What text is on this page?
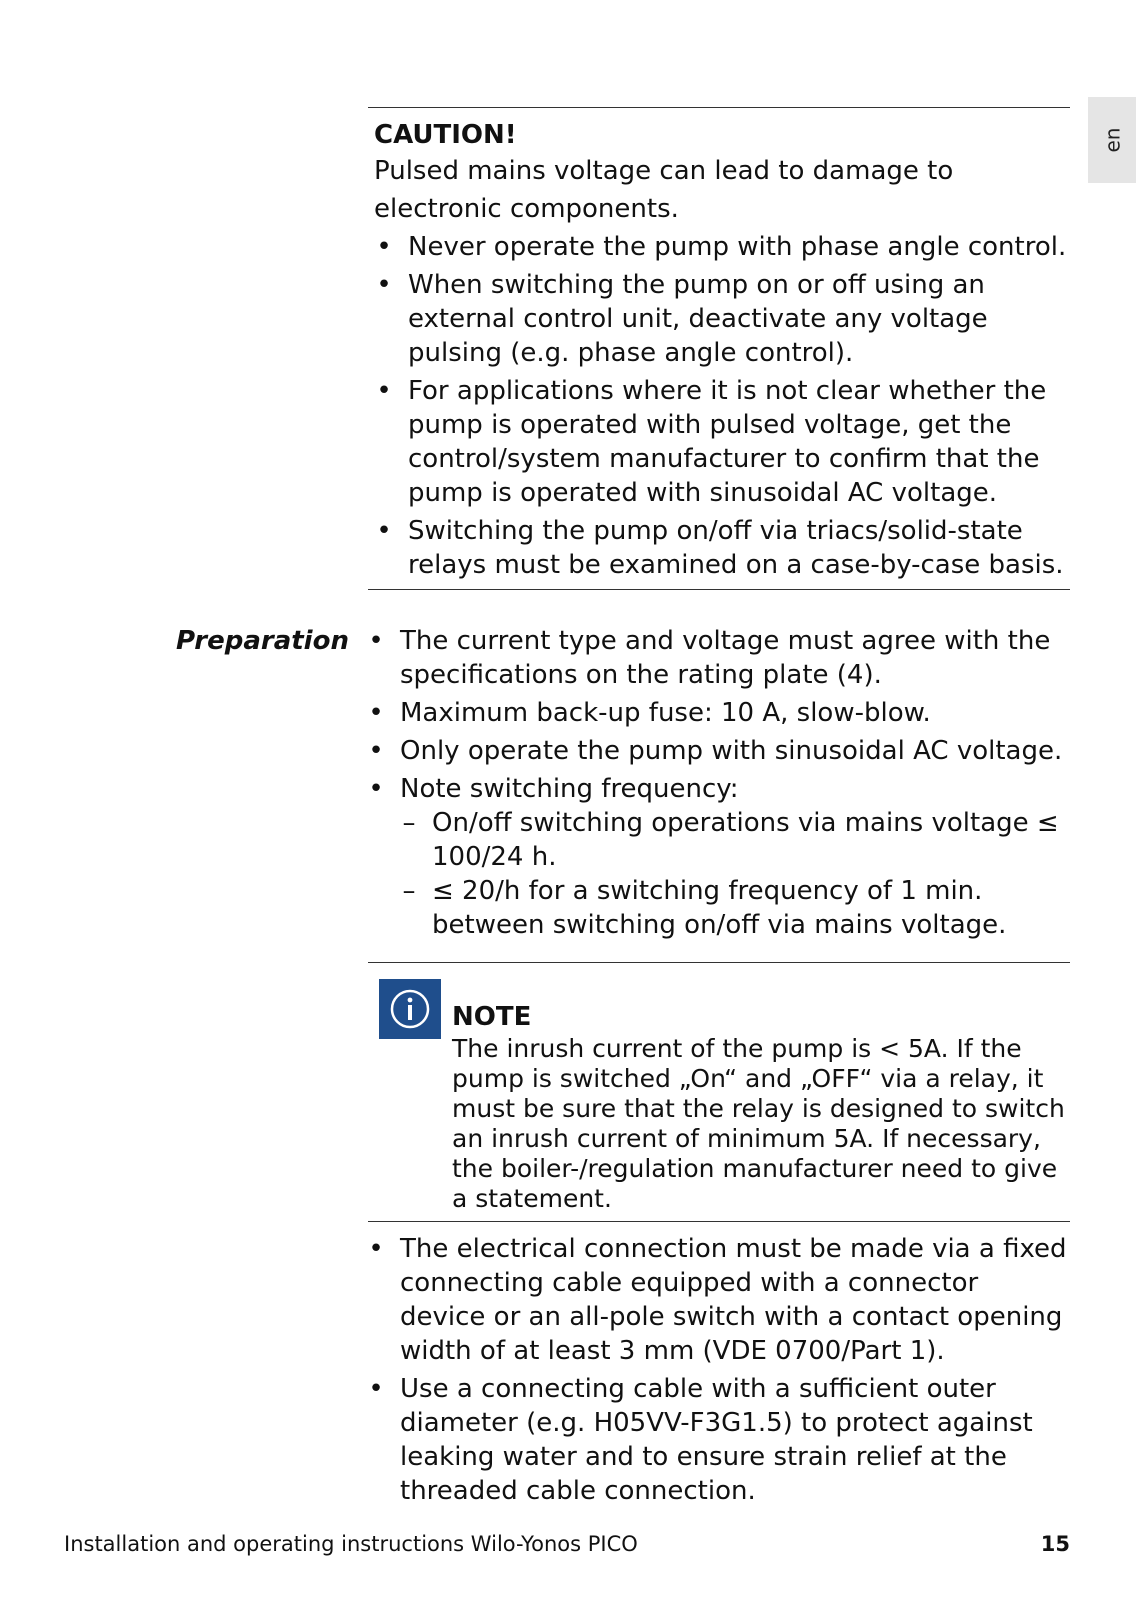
en

CAUTION!

Pulsed mains voltage can lead to damage to electronic components.

• Never operate the pump with phase angle control.
• When switching the pump on or off using an external control unit, deactivate any voltage pulsing (e.g. phase angle control).
• For applications where it is not clear whether the pump is operated with pulsed voltage, get the control/system manufacturer to confirm that the pump is operated with sinusoidal AC voltage.
• Switching the pump on/off via triacs/solid-state relays must be examined on a case-by-case basis.
Preparation • The current type and voltage must agree with the specifications on the rating plate (4).
• Maximum back-up fuse: 10 A, slow-blow.
• Only operate the pump with sinusoidal AC voltage.
• Note switching frequency:
– On/off switching operations via mains voltage ≤ 100/24 h.
– ≤ 20/h for a switching frequency of 1 min. between switching on/off via mains voltage.

NOTE

The inrush current of the pump is < 5A. If the pump is switched „On“ and „OFF“ via a relay, it must be sure that the relay is designed to switch an inrush current of minimum 5A. If necessary, the boiler-/regulation manufacturer need to give a statement.

• The electrical connection must be made via a fixed connecting cable equipped with a connector device or an all-pole switch with a contact opening width of at least 3 mm (VDE 0700/Part 1).
• Use a connecting cable with a sufficient outer diameter (e.g. H05VV-F3G1.5) to protect against leaking water and to ensure strain relief at the threaded cable connection.
Installation and operating instructions Wilo-Yonos PICO	15
